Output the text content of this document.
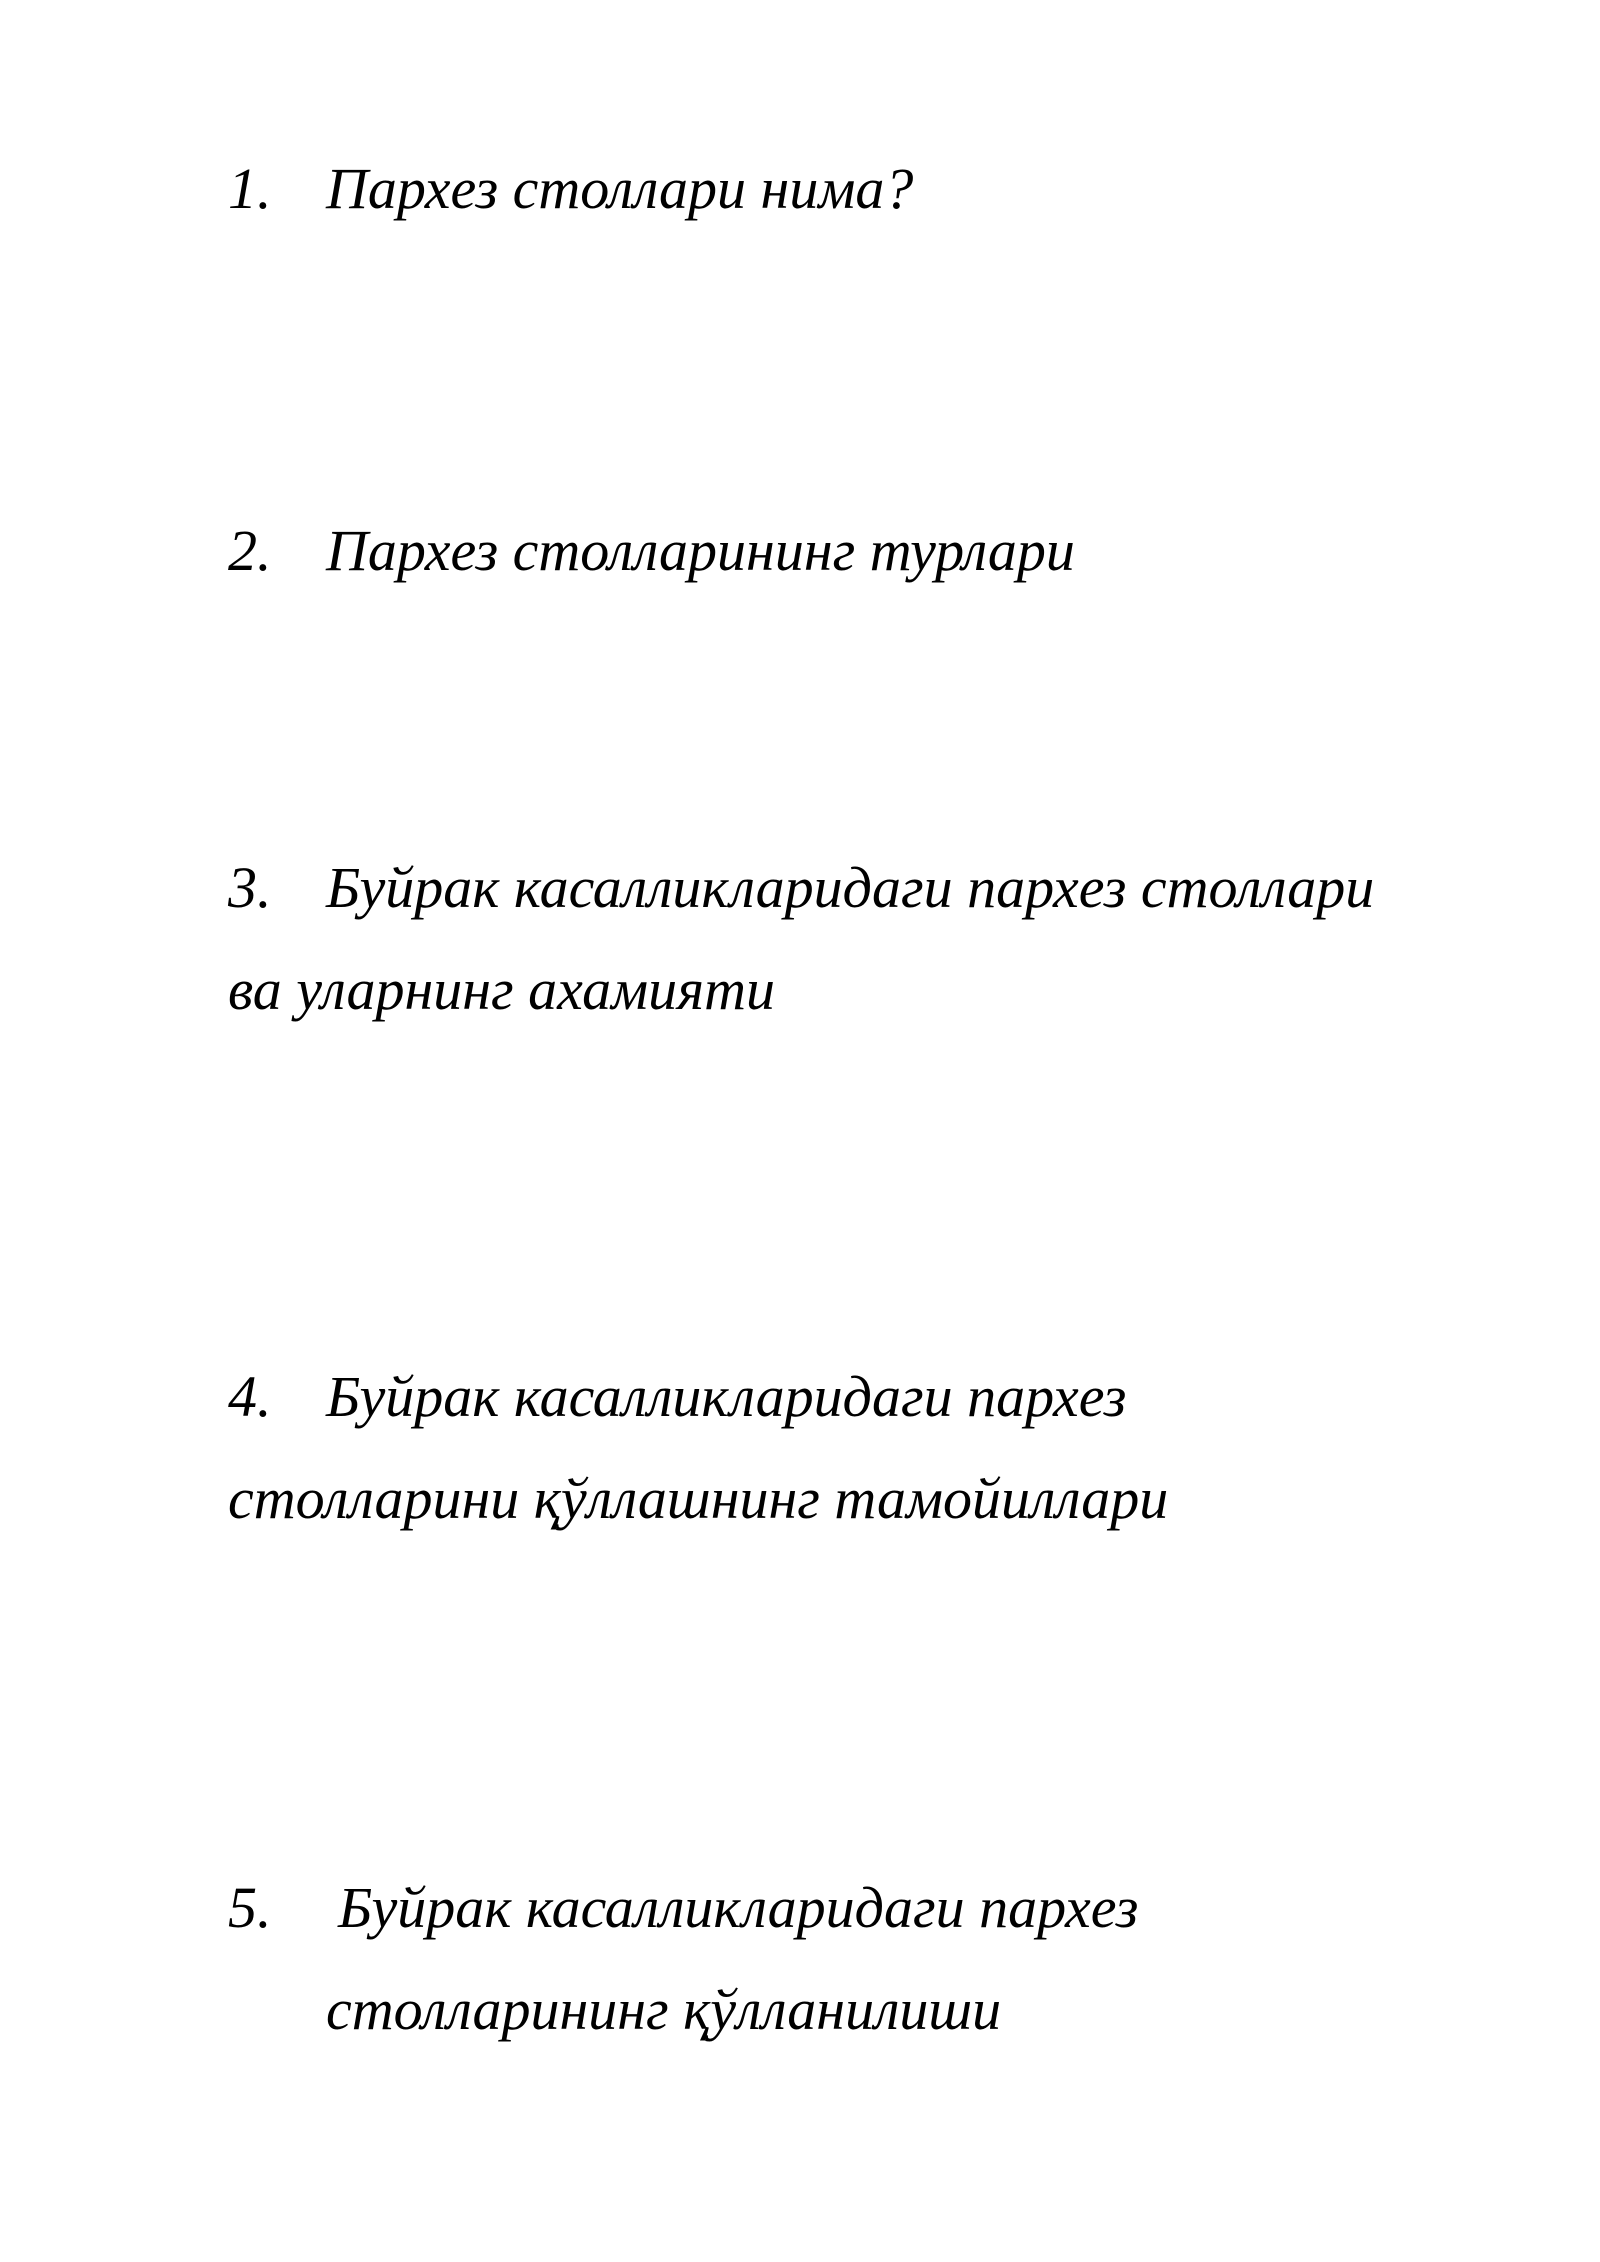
1. Пархез столлари нима?
2. Пархез столларининг турлари
3. Буйрак касалликларидаги пархез столлари
ва уларнинг ахамияти
4. Буйрак касалликларидаги пархез
столларини қўллашнинг тамойиллари
5. Буйрак касалликларидаги пархез
столларининг қўлланилиши
